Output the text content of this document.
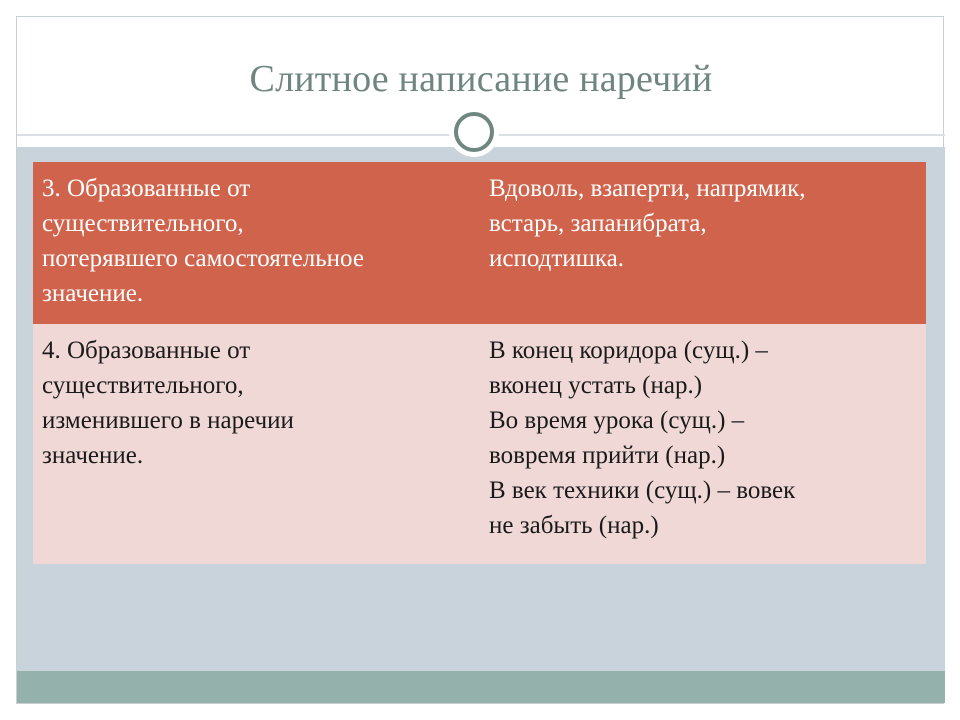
Слитное написание наречий
3. Образованные от
существительного,
потерявшего самостоятельное
значение.
Вдоволь, взаперти, напрямик,
встарь, запанибрата,
исподтишка.
4. Образованные от
существительного,
изменившего в наречии
значение.
В конец коридора (сущ.) –
вконец устать (нар.)
Во время урока (сущ.) –
вовремя прийти (нар.)
В век техники (сущ.) – вовек
не забыть (нар.)
